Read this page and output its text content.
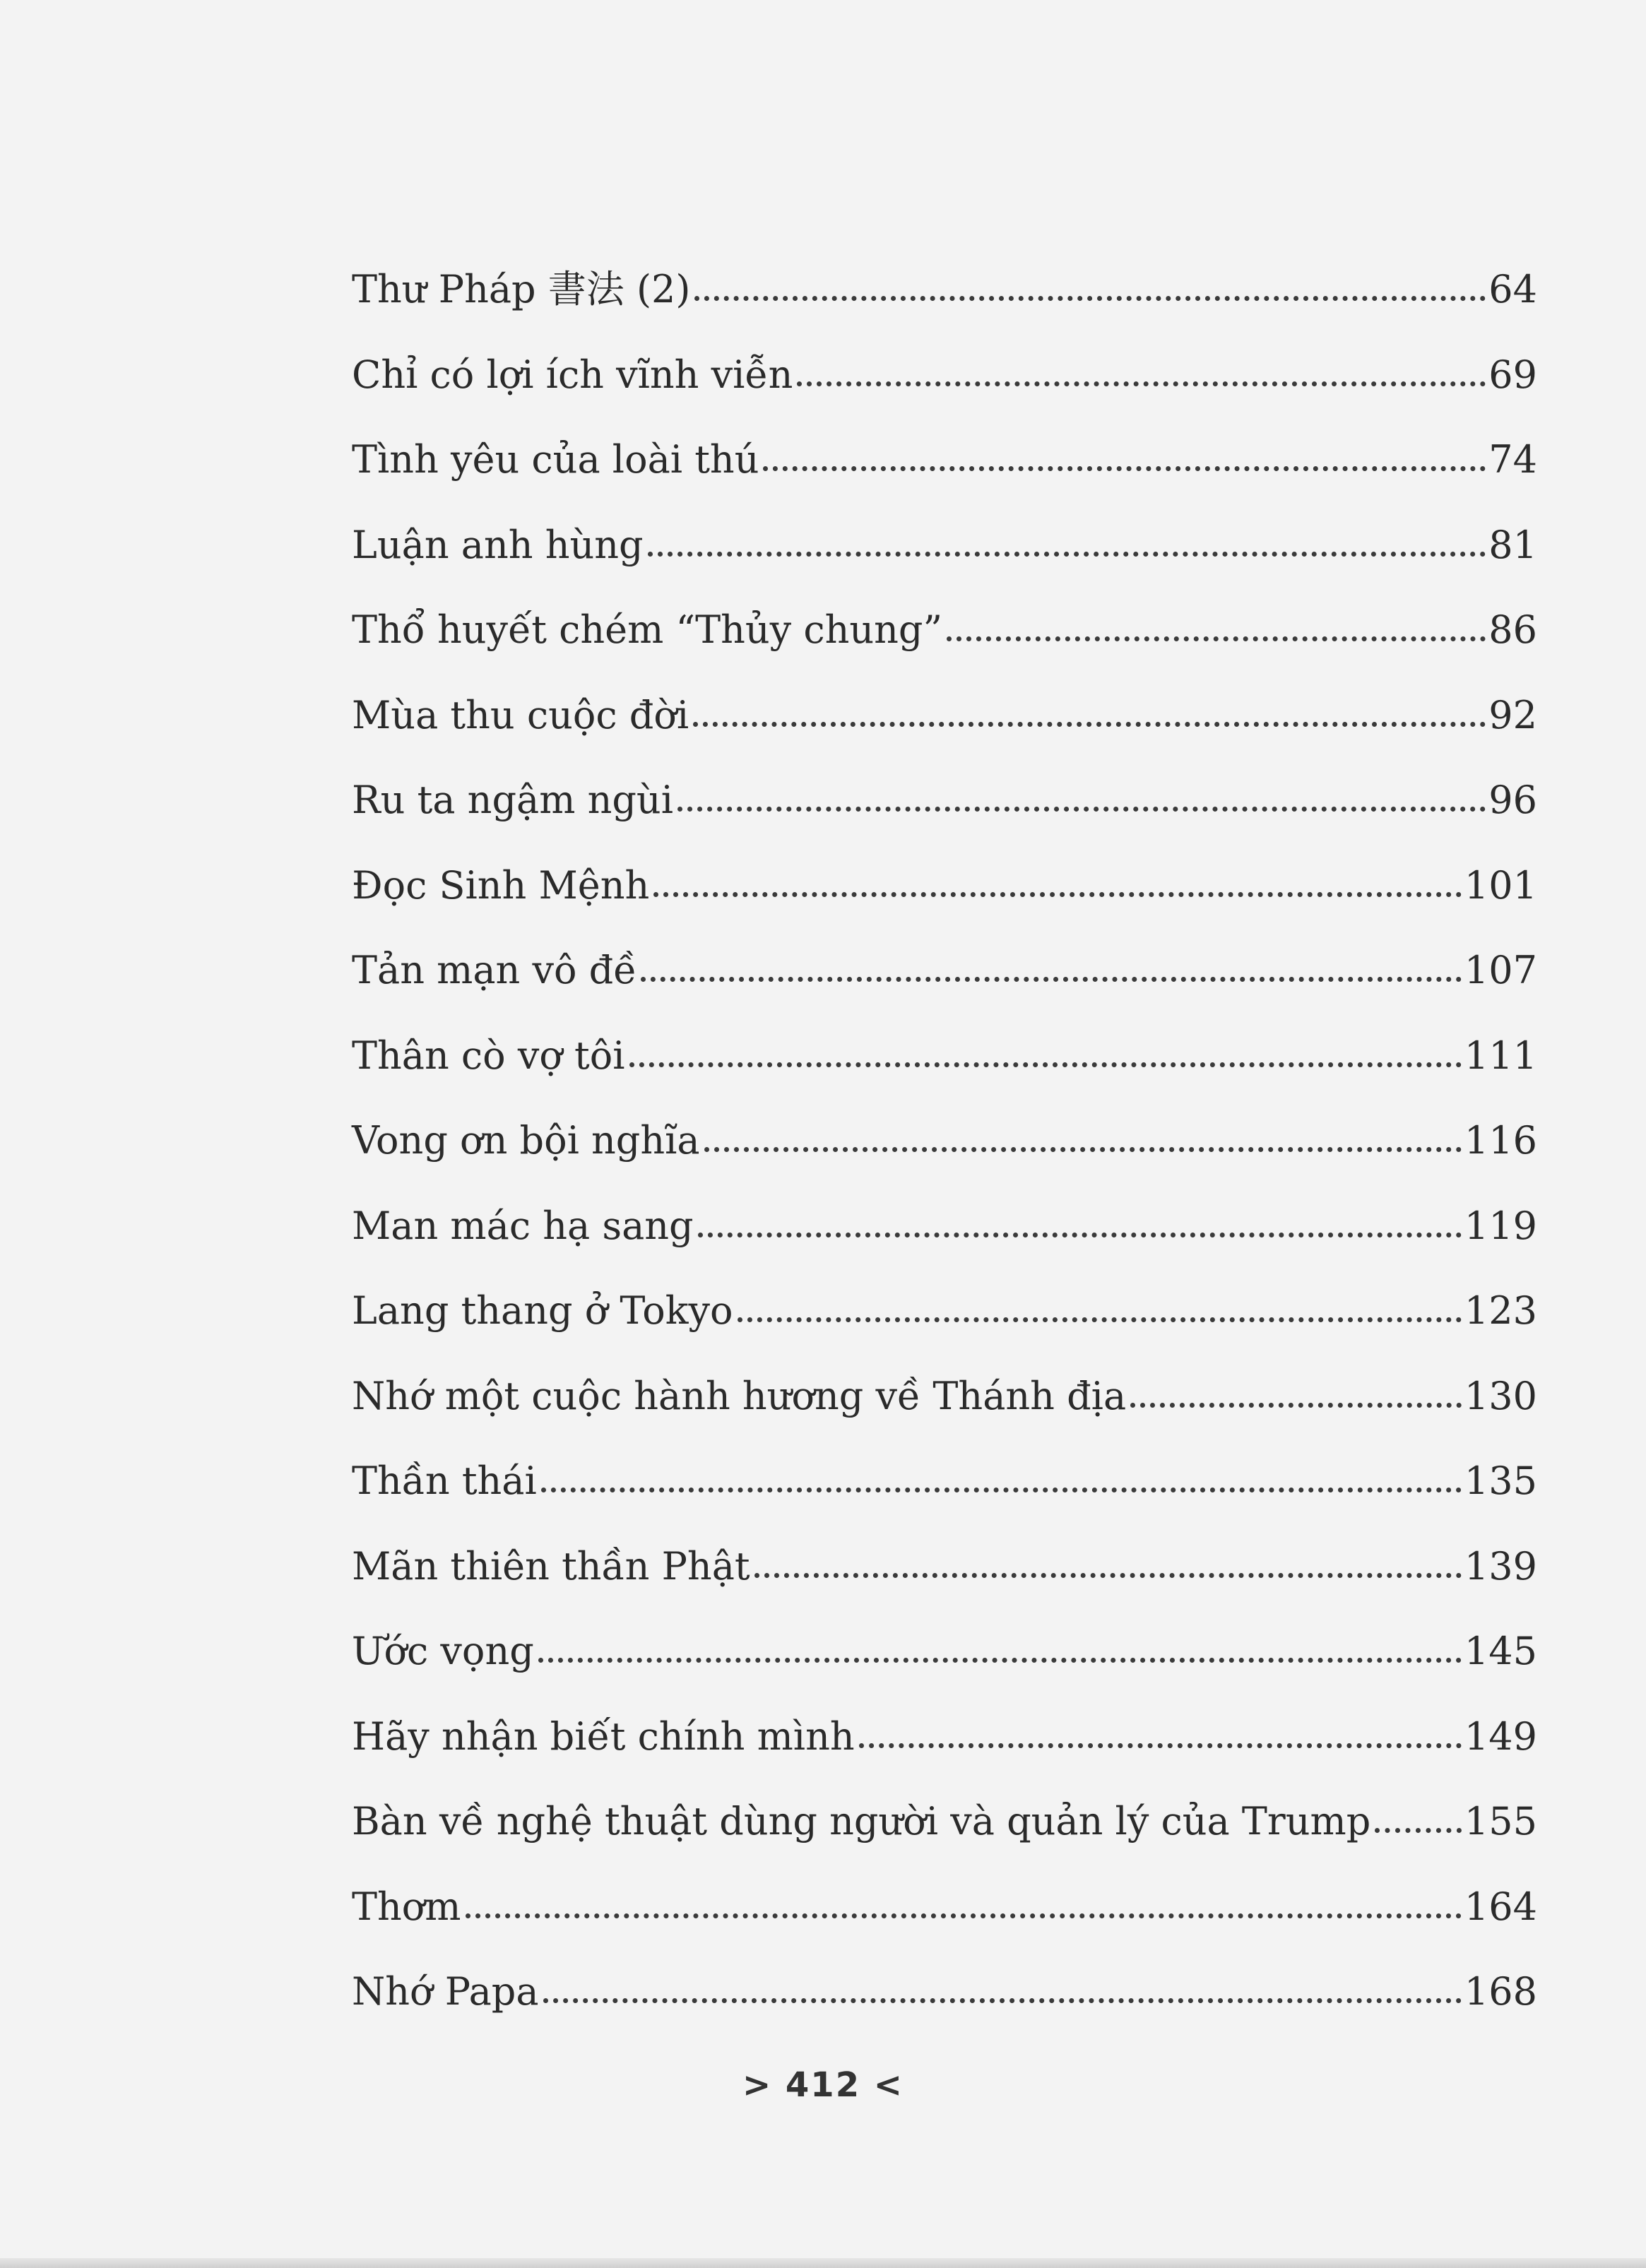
Thư Pháp 書法 (2)	64
Chỉ có lợi ích vĩnh viễn	69
Tình yêu của loài thú	74
Luận anh hùng	81
Thổ huyết chém “Thủy chung”	86
Mùa thu cuộc đời	92
Ru ta ngậm ngùi	96
Đọc Sinh Mệnh	101
Tản mạn vô đề	107
Thân cò vợ tôi	111
Vong ơn bội nghĩa	116
Man mác hạ sang	119
Lang thang ở Tokyo	123
Nhớ một cuộc hành hương về Thánh địa	130
Thần thái	135
Mãn thiên thần Phật	139
Ước vọng	145
Hãy nhận biết chính mình	149
Bàn về nghệ thuật dùng người và quản lý của Trump 155
Thơm	164
Nhớ Papa	168
> 412 <
